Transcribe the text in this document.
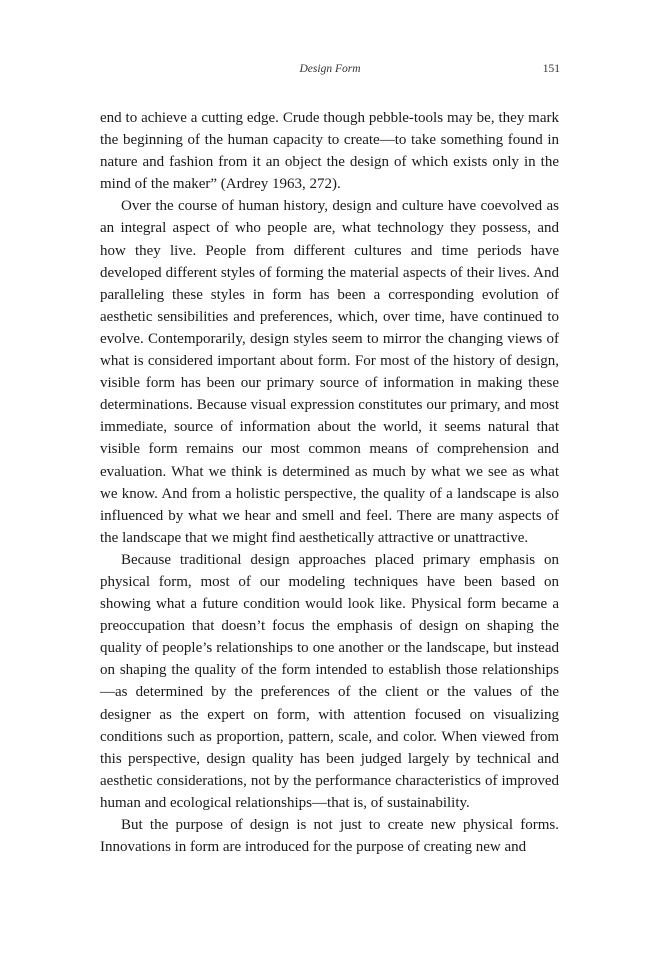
Design Form	151

end to achieve a cutting edge. Crude though pebble-tools may be, they mark the beginning of the human capacity to create—to take something found in nature and fashion from it an object the design of which exists only in the mind of the maker” (Ardrey 1963, 272).

Over the course of human history, design and culture have coevolved as an integral aspect of who people are, what technology they possess, and how they live. People from different cultures and time periods have developed different styles of forming the material aspects of their lives. And paralleling these styles in form has been a corresponding evolution of aesthetic sensibilities and preferences, which, over time, have continued to evolve. Contemporarily, design styles seem to mirror the changing views of what is considered important about form. For most of the history of design, visible form has been our primary source of information in making these determinations. Because visual expression constitutes our primary, and most immediate, source of information about the world, it seems natural that visible form remains our most common means of comprehension and evaluation. What we think is determined as much by what we see as what we know. And from a holistic perspective, the quality of a landscape is also influenced by what we hear and smell and feel. There are many aspects of the landscape that we might find aesthetically attractive or unattractive.

Because traditional design approaches placed primary emphasis on physical form, most of our modeling techniques have been based on showing what a future condition would look like. Physical form became a preoccupation that doesn’t focus the emphasis of design on shaping the quality of people’s relationships to one another or the landscape, but instead on shaping the quality of the form intended to establish those relationships—as determined by the preferences of the client or the values of the designer as the expert on form, with attention focused on visualizing conditions such as proportion, pattern, scale, and color. When viewed from this perspective, design quality has been judged largely by technical and aesthetic considerations, not by the performance characteristics of improved human and ecological relationships—that is, of sustainability.

But the purpose of design is not just to create new physical forms. Innovations in form are introduced for the purpose of creating new and
